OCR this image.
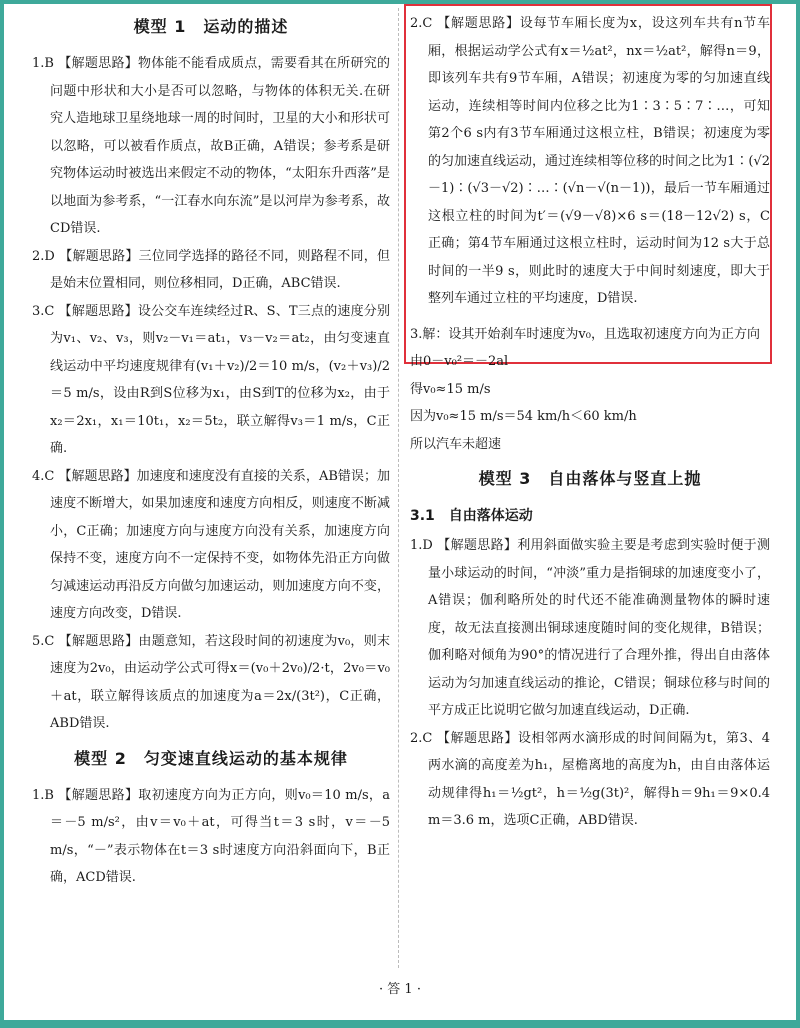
模型 1　运动的描述

1.B 【解题思路】物体能不能看成质点，需要看其在所研究的问题中形状和大小是否可以忽略，与物体的体积无关.在研究人造地球卫星绕地球一周的时间时，卫星的大小和形状可以忽略，可以被看作质点，故B正确，A错误；参考系是研究物体运动时被选出来假定不动的物体，“太阳东升西落”是以地面为参考系，“一江春水向东流”是以河岸为参考系，故CD错误.

2.D 【解题思路】三位同学选择的路径不同，则路程不同，但是始末位置相同，则位移相同，D正确，ABC错误.

3.C 【解题思路】设公交车连续经过R、S、T三点的速度分别为v₁、v₂、v₃，则v₂－v₁＝at₁，v₃－v₂＝at₂，由匀变速直线运动中平均速度规律有(v₁＋v₂)/2＝10 m/s，(v₂＋v₃)/2＝5 m/s，设由R到S位移为x₁，由S到T的位移为x₂，由于x₂＝2x₁，x₁＝10t₁，x₂＝5t₂，联立解得v₃＝1 m/s，C正确.

4.C 【解题思路】加速度和速度没有直接的关系，AB错误；加速度不断增大，如果加速度和速度方向相反，则速度不断减小，C正确；加速度方向与速度方向没有关系，加速度方向保持不变，速度方向不一定保持不变，如物体先沿正方向做匀减速运动再沿反方向做匀加速运动，则加速度方向不变，速度方向改变，D错误.

5.C 【解题思路】由题意知，若这段时间的初速度为v₀，则末速度为2v₀，由运动学公式可得x＝(v₀＋2v₀)/2·t，2v₀＝v₀＋at，联立解得该质点的加速度为a＝2x/(3t²)，C正确，ABD错误.

模型 2　匀变速直线运动的基本规律

1.B 【解题思路】取初速度方向为正方向，则v₀＝10 m/s，a＝－5 m/s²，由v＝v₀＋at，可得当t＝3 s时，v＝－5 m/s，“－”表示物体在t＝3 s时速度方向沿斜面向下，B正确，ACD错误.

2.C 【解题思路】设每节车厢长度为x，设这列车共有n节车厢，根据运动学公式有x＝½at²，nx＝½at²，解得n＝9，即该列车共有9节车厢，A错误；初速度为零的匀加速直线运动，连续相等时间内位移之比为1∶3∶5∶7∶…，可知第2个6 s内有3节车厢通过这根立柱，B错误；初速度为零的匀加速直线运动，通过连续相等位移的时间之比为1∶(√2－1)∶(√3－√2)∶…∶(√n－√(n－1))，最后一节车厢通过这根立柱的时间为t′＝(√9－√8)×6 s＝(18－12√2) s，C正确；第4节车厢通过这根立柱时，运动时间为12 s大于总时间的一半9 s，则此时的速度大于中间时刻速度，即大于整列车通过立柱的平均速度，D错误.

3.解：设其开始刹车时速度为v₀，且选取初速度方向为正方向

由0－v₀²＝－2al

得v₀≈15 m/s

因为v₀≈15 m/s＝54 km/h＜60 km/h

所以汽车未超速

模型 3　自由落体与竖直上抛
3.1　自由落体运动

1.D 【解题思路】利用斜面做实验主要是考虑到实验时便于测量小球运动的时间，“冲淡”重力是指铜球的加速度变小了，A错误；伽利略所处的时代还不能准确测量物体的瞬时速度，故无法直接测出铜球速度随时间的变化规律，B错误；伽利略对倾角为90°的情况进行了合理外推，得出自由落体运动为匀加速直线运动的推论，C错误；铜球位移与时间的平方成正比说明它做匀加速直线运动，D正确.

2.C 【解题思路】设相邻两水滴形成的时间间隔为t，第3、4两水滴的高度差为h₁，屋檐离地的高度为h，由自由落体运动规律得h₁＝½gt²，h＝½g(3t)²，解得h＝9h₁＝9×0.4 m＝3.6 m，选项C正确，ABD错误.

· 答 1 ·
